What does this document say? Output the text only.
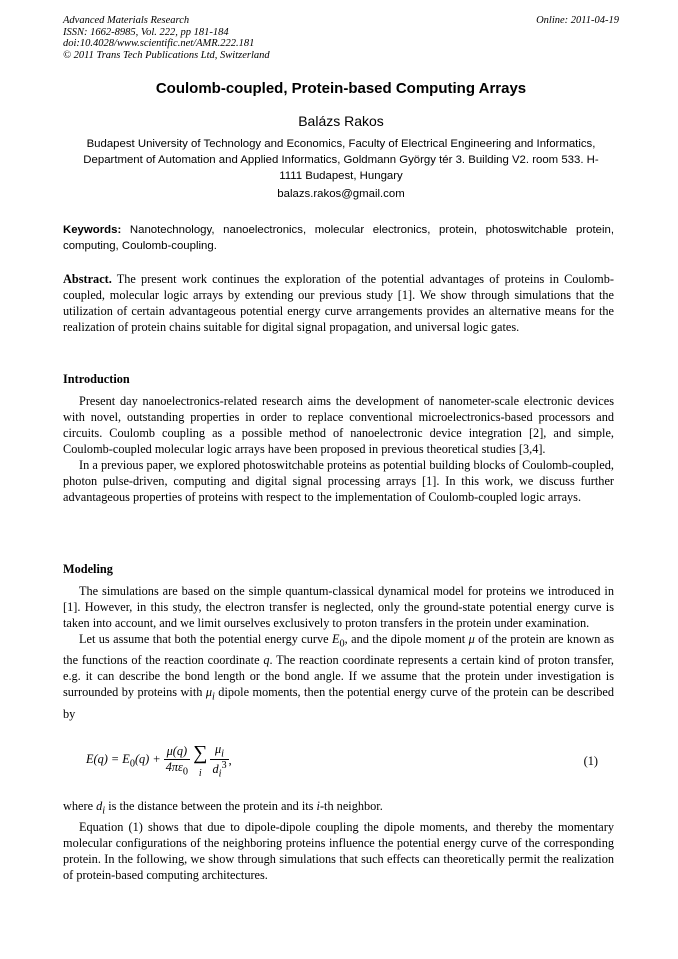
Advanced Materials Research
ISSN: 1662-8985, Vol. 222, pp 181-184
doi:10.4028/www.scientific.net/AMR.222.181
© 2011 Trans Tech Publications Ltd, Switzerland
Online: 2011-04-19
Coulomb-coupled, Protein-based Computing Arrays
Balázs Rakos
Budapest University of Technology and Economics, Faculty of Electrical Engineering and Informatics, Department of Automation and Applied Informatics, Goldmann György tér 3. Building V2. room 533. H-1111 Budapest, Hungary
balazs.rakos@gmail.com
Keywords: Nanotechnology, nanoelectronics, molecular electronics, protein, photoswitchable protein, computing, Coulomb-coupling.
Abstract. The present work continues the exploration of the potential advantages of proteins in Coulomb-coupled, molecular logic arrays by extending our previous study [1]. We show through simulations that the utilization of certain advantageous potential energy curve arrangements provides an alternative means for the realization of protein chains suitable for digital signal propagation, and universal logic gates.
Introduction

Present day nanoelectronics-related research aims the development of nanometer-scale electronic devices with novel, outstanding properties in order to replace conventional microelectronics-based processors and circuits. Coulomb coupling as a possible method of nanoelectronic device integration [2], and simple, Coulomb-coupled molecular logic arrays have been proposed in previous theoretical studies [3,4].

In a previous paper, we explored photoswitchable proteins as potential building blocks of Coulomb-coupled, photon pulse-driven, computing and digital signal processing arrays [1]. In this work, we discuss further advantageous properties of proteins with respect to the implementation of Coulomb-coupled logic arrays.

Modeling

The simulations are based on the simple quantum-classical dynamical model for proteins we introduced in [1]. However, in this study, the electron transfer is neglected, only the ground-state potential energy curve is taken into account, and we limit ourselves exclusively to proton transfers in the protein under examination.

Let us assume that both the potential energy curve $E_0$, and the dipole moment μ of the protein are known as the functions of the reaction coordinate q. The reaction coordinate represents a certain kind of proton transfer, e.g. it can describe the bond length or the bond angle. If we assume that the protein under investigation is surrounded by proteins with $\mu_i$ dipole moments, then the potential energy curve of the protein can be described by

$E(q) = E_0(q) + \frac{\mu(q)}{4\pi\varepsilon_0}$ ∑
i $\frac{\mu_i}{d_i^3}$ ,	(1)
where $d_i$ is the distance between the protein and its i-th neighbor.

Equation (1) shows that due to dipole-dipole coupling the dipole moments, and thereby the momentary molecular configurations of the neighboring proteins influence the potential energy curve of the corresponding protein. In the following, we show through simulations that such effects can theoretically permit the realization of protein-based computing architectures.
